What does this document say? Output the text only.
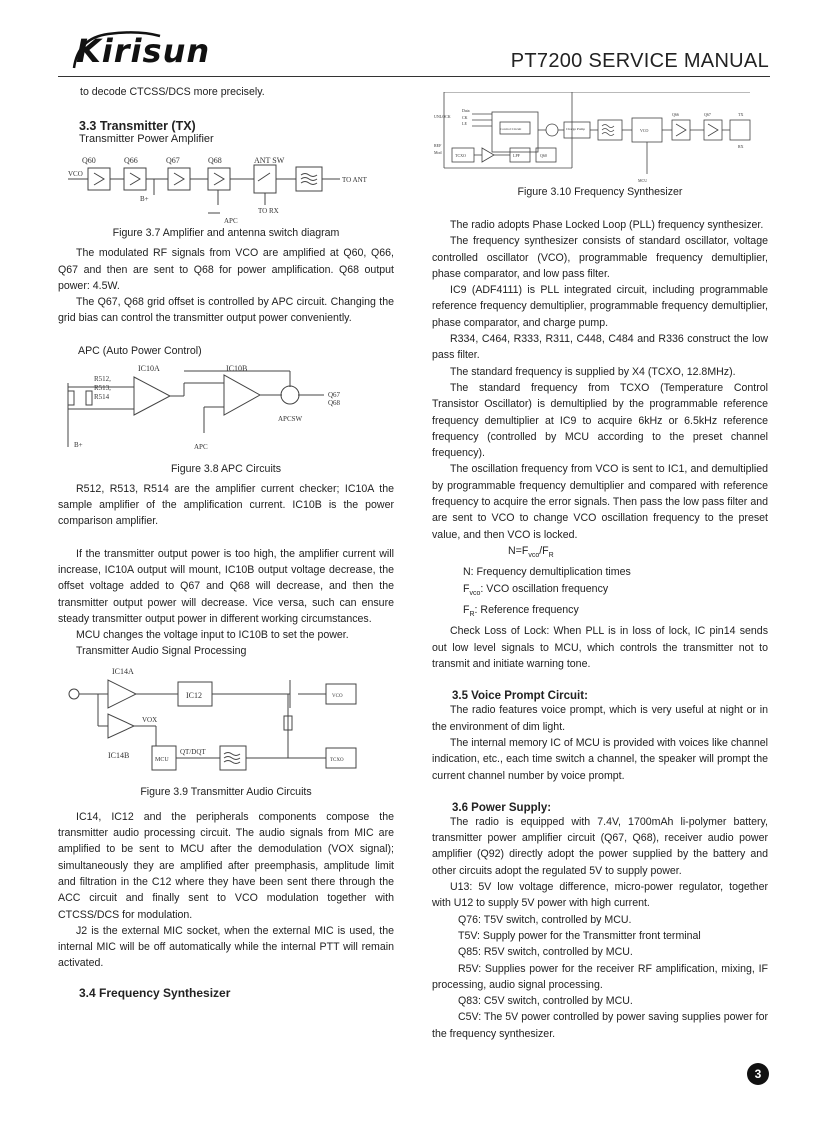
Kirisun	PT7200 SERVICE MANUAL

to decode CTCSS/DCS more precisely.

3.3 Transmitter (TX)
Transmitter Power Amplifier
Q60	Q66	Q67	Q68	ANT SW
VCO
TO ANT
B+
TO RX
APC
Figure 3.7 Amplifier and antenna switch diagram

The modulated RF signals from VCO are amplified at Q60, Q66, Q67 and then are sent to Q68 for power amplification. Q68 output power: 4.5W.

The Q67, Q68 grid offset is controlled by APC circuit. Changing the grid bias can control the transmitter output power conveniently.

APC (Auto Power Control)
IC10A	IC10B
R512,
R513,
R514	Q67
Q68
APCSW
B+	APC
Figure 3.8 APC Circuits

R512, R513, R514 are the amplifier current checker; IC10A the sample amplifier of the amplification current. IC10B is the power comparison amplifier.

If the transmitter output power is too high, the amplifier current will increase, IC10A output will mount, IC10B output voltage decrease, the offset voltage added to Q67 and Q68 will decrease, and then the transmitter output power will decrease. Vice versa, such can ensure steady transmitter output power in different working circumstances.

MCU changes the voltage input to IC10B to set the power.

Transmitter Audio Signal Processing

IC14A
IC12	VCO
VOX
IC14B	MCU
QT/DQT
TCXO
Figure 3.9 Transmitter Audio Circuits

IC14, IC12 and the peripherals components compose the transmitter audio processing circuit. The audio signals from MIC are amplified to be sent to MCU after the demodulation (VOX signal); simultaneously they are amplified after preemphasis, amplitude limit and filtration in the C12 where they have been sent there through the ACC circuit and finally sent to VCO modulation together with CTCSS/DCS for modulation.

J2 is the external MIC socket, when the external MIC is used, the internal MIC will be off automatically while the internal PTT will remain activated.

3.4 Frequency Synthesizer
Data
CK
LE
UNLOCK
Control Circuit	Charge Pump	VCO
Q66	Q67	TX
RX
TCXO	LPF
MCU
Q60
REF
Mod
Figure 3.10 Frequency Synthesizer

The radio adopts Phase Locked Loop (PLL) frequency synthesizer.

The frequency synthesizer consists of standard oscillator, voltage controlled oscillator (VCO), programmable frequency demultiplier, phase comparator, and low pass filter.

IC9 (ADF4111) is PLL integrated circuit, including programmable reference frequency demultiplier, programmable frequency demultiplier, phase comparator, and charge pump.

R334, C464, R333, R311, C448, C484 and R336 construct the low pass filter.

The standard frequency is supplied by X4 (TCXO, 12.8MHz).

The standard frequency from TCXO (Temperature Control Transistor Oscillator) is demultiplied by the programmable reference frequency demultiplier at IC9 to acquire 6kHz or 6.5kHz reference frequency (controlled by MCU according to the preset channel frequency).

The oscillation frequency from VCO is sent to IC1, and demultiplied by programmable frequency demultiplier and compared with reference frequency to acquire the error signals. Then pass the low pass filter and are sent to VCO to change VCO oscillation frequency to the preset value, and then VCO is locked.

$N=F_{vco}/F_R$
N: Frequency demultiplication times
$F_{vco}$: VCO oscillation frequency
$F_R$: Reference frequency

Check Loss of Lock: When PLL is in loss of lock, IC pin14 sends out low level signals to MCU, which controls the transmitter not to transmit and initiate warning tone.

3.5 Voice Prompt Circuit:

The radio features voice prompt, which is very useful at night or in the environment of dim light.

The internal memory IC of MCU is provided with voices like channel indication, etc., each time switch a channel, the speaker will prompt the current channel number by voice prompt.

3.6 Power Supply:

The radio is equipped with 7.4V, 1700mAh li-polymer battery, transmitter power amplifier circuit (Q67, Q68), receiver audio power amplifier (Q92) directly adopt the power supplied by the battery and other circuits adopt the regulated 5V to supply power.

U13: 5V low voltage difference, micro-power regulator, together with U12 to supply 5V power with high current.

Q76: T5V switch, controlled by MCU.

T5V: Supply power for the Transmitter front terminal

Q85: R5V switch, controlled by MCU.

R5V: Supplies power for the receiver RF amplification, mixing, IF processing, audio signal processing.

Q83: C5V switch, controlled by MCU.

C5V: The 5V power controlled by power saving supplies power for the frequency synthesizer.

3
